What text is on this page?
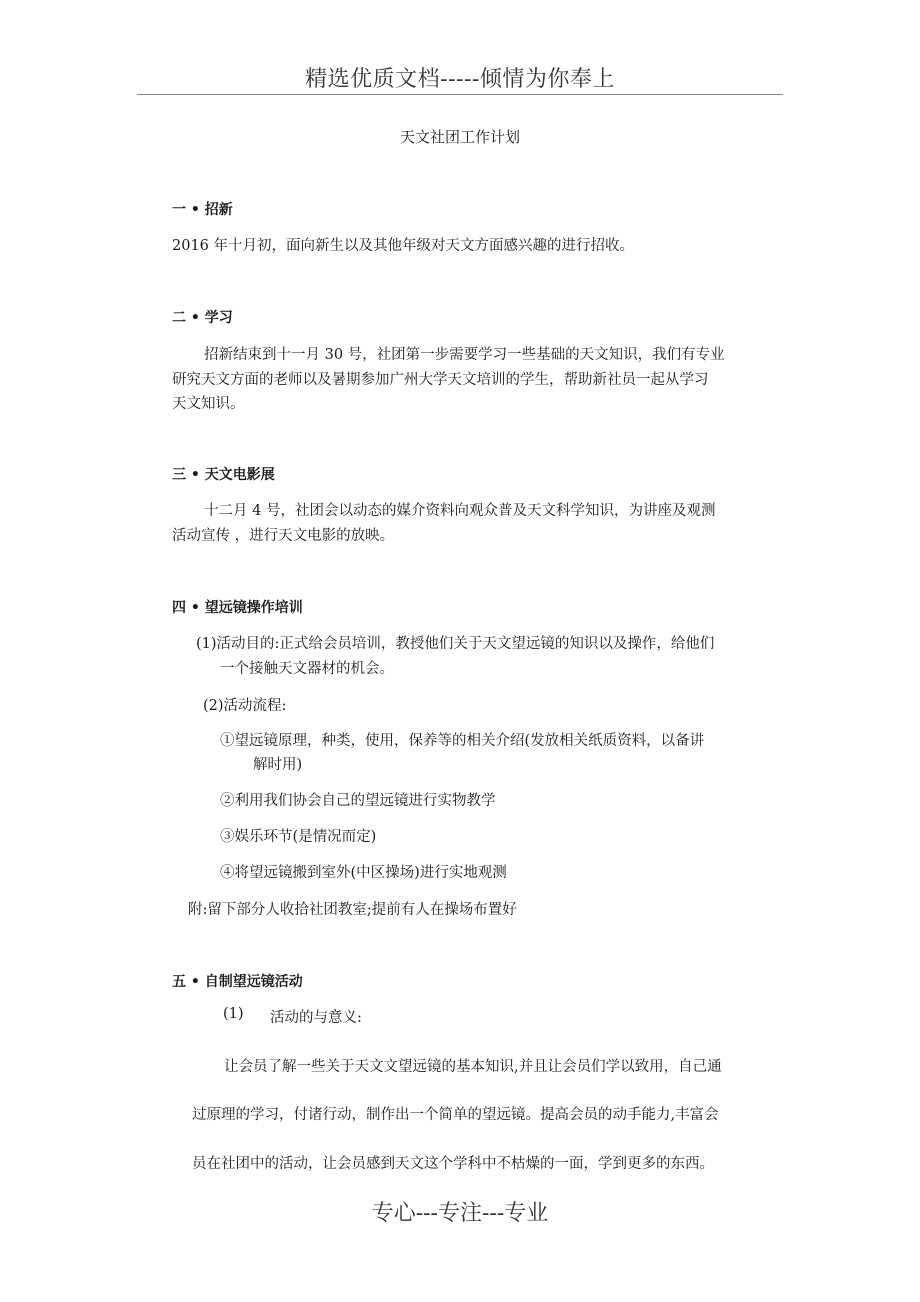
精选优质文档-----倾情为你奉上
天文社团工作计划
一 • 招新
2016 年十月初，面向新生以及其他年级对天文方面感兴趣的进行招收。
二 • 学习
招新结束到十一月 30 号，社团第一步需要学习一些基础的天文知识，我们有专业
研究天文方面的老师以及暑期参加广州大学天文培训的学生，帮助新社员一起从学习
天文知识。
三 • 天文电影展
十二月 4 号，社团会以动态的媒介资料向观众普及天文科学知识，为讲座及观测
活动宣传 ，进行天文电影的放映。
四 • 望远镜操作培训
(1)活动目的:正式给会员培训，教授他们关于天文望远镜的知识以及操作，给他们
一个接触天文器材的机会。
(2)活动流程:
①望远镜原理，种类，使用，保养等的相关介绍(发放相关纸质资料，以备讲
解时用)
②利用我们协会自己的望远镜进行实物教学
③娱乐环节(是情况而定)
④将望远镜搬到室外(中区操场)进行实地观测
附:留下部分人收拾社团教室;提前有人在操场布置好
五 • 自制望远镜活动
(1) 活动的与意义:
让会员了解一些关于天文文望远镜的基本知识,并且让会员们学以致用，自己通
过原理的学习，付诸行动，制作出一个简单的望远镜。提高会员的动手能力,丰富会
员在社团中的活动，让会员感到天文这个学科中不枯燥的一面，学到更多的东西。
专心---专注---专业
